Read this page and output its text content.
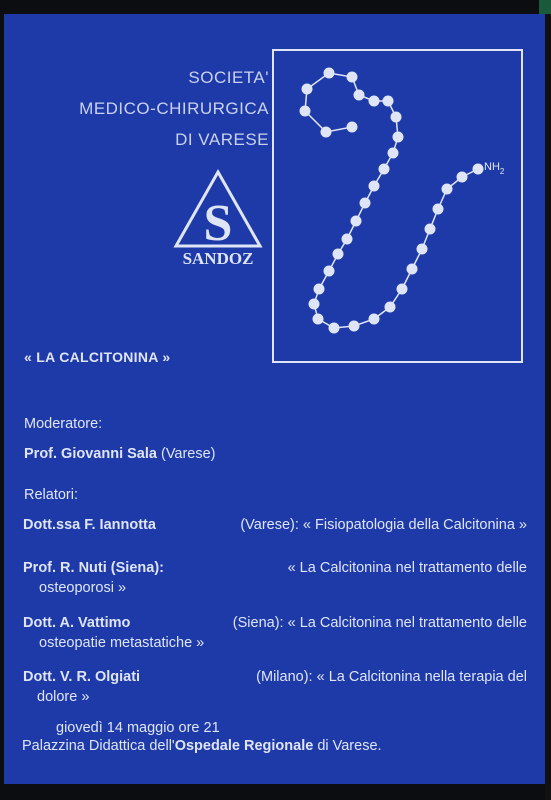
SOCIETA'
MEDICO-CHIRURGICA
DI VARESE
S
SANDOZ
$NH_2$
« LA CALCITONINA »
Moderatore:
Prof. Giovanni Sala (Varese)
Relatori:
Dott.ssa F. Iannotta	(Varese): « Fisiopatologia della Calcitonina »
Prof. R. Nuti (Siena):	« La Calcitonina nel trattamento delle
osteoporosi »
Dott. A. Vattimo	(Siena): « La Calcitonina nel trattamento delle
osteopatie metastatiche »
Dott. V. R. Olgiati	(Milano): « La Calcitonina nella terapia del
dolore »
giovedì 14 maggio ore 21
Palazzina Didattica dell'Ospedale Regionale di Varese.
